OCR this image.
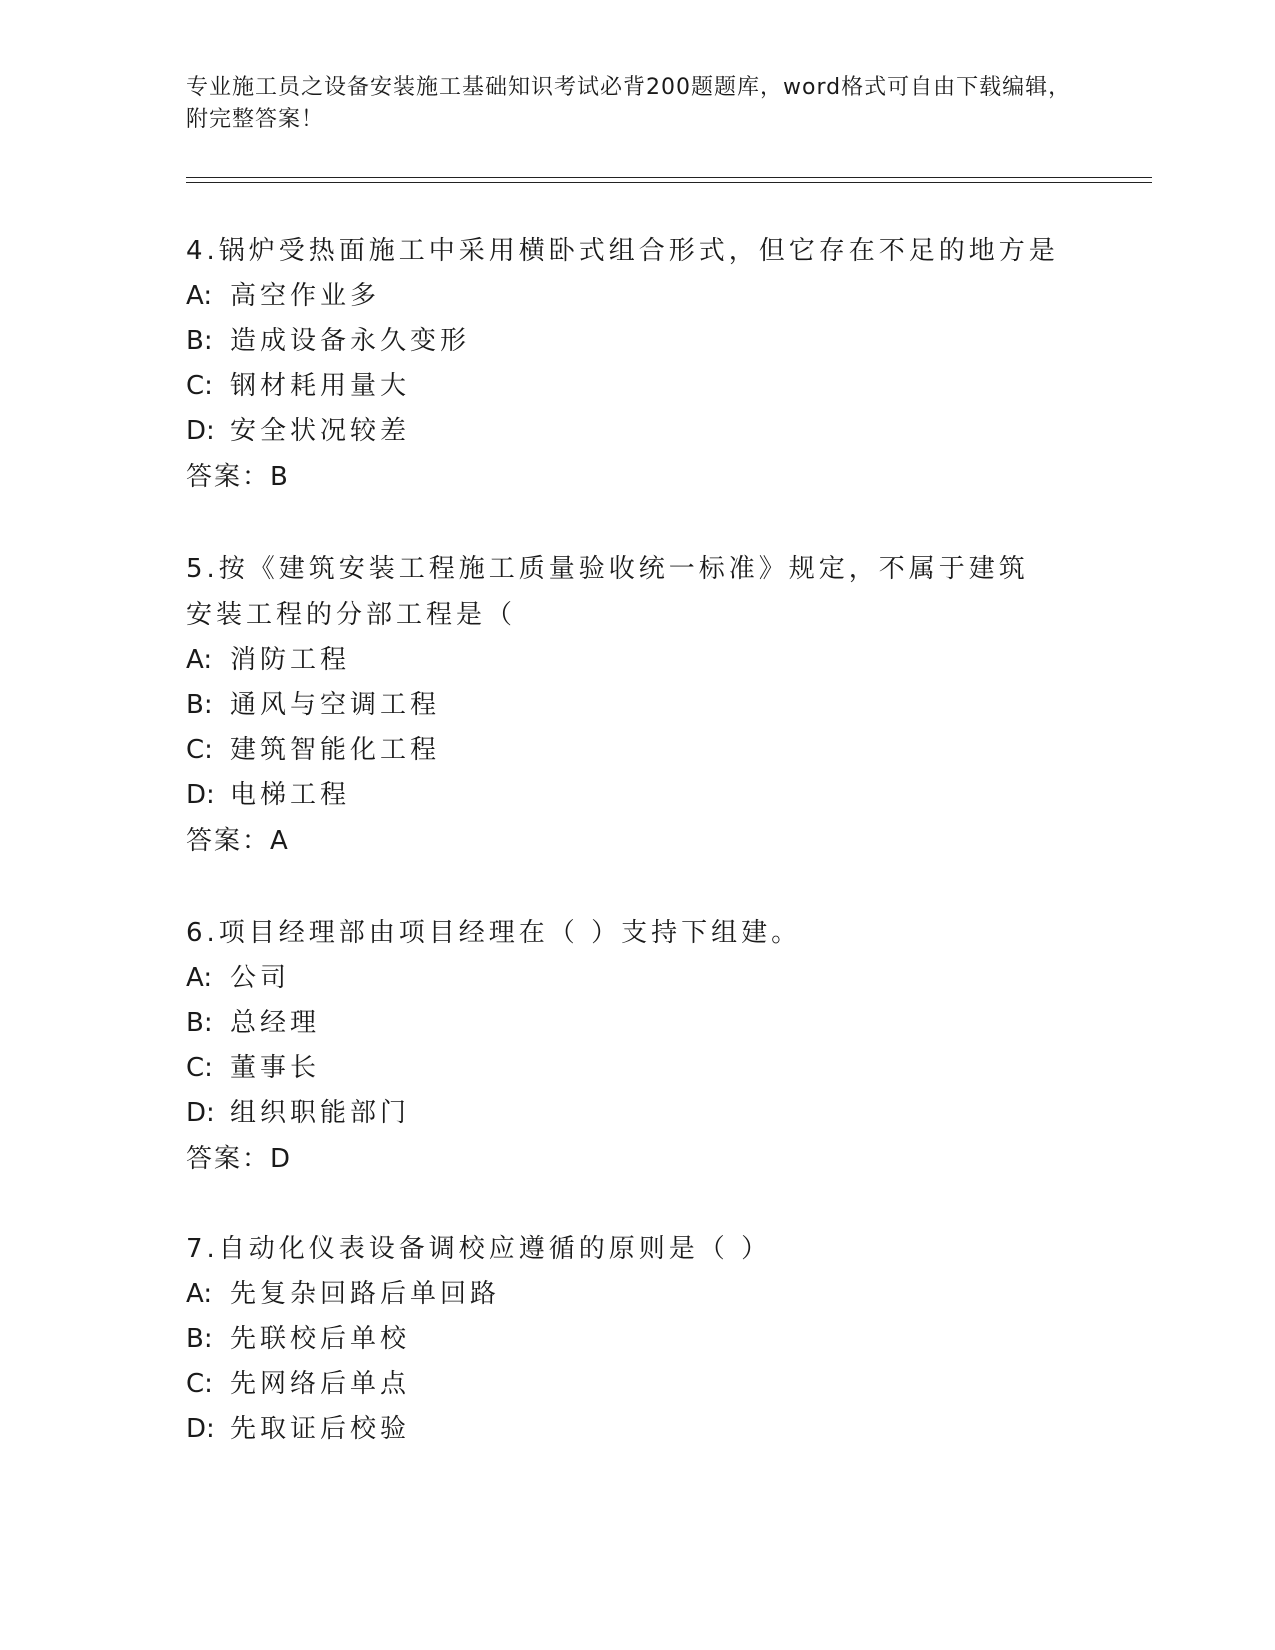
专业施工员之设备安装施工基础知识考试必背200题题库，word格式可自由下载编辑，附完整答案！
4.锅炉受热面施工中采用横卧式组合形式，但它存在不足的地方是
A: 高空作业多
B: 造成设备永久变形
C: 钢材耗用量大
D: 安全状况较差
答案：B
5.按《建筑安装工程施工质量验收统一标准》规定，不属于建筑安装工程的分部工程是（
A: 消防工程
B: 通风与空调工程
C: 建筑智能化工程
D: 电梯工程
答案：A
6.项目经理部由项目经理在（ ）支持下组建。
A: 公司
B: 总经理
C: 董事长
D: 组织职能部门
答案：D
7.自动化仪表设备调校应遵循的原则是（ ）
A: 先复杂回路后单回路
B: 先联校后单校
C: 先网络后单点
D: 先取证后校验
